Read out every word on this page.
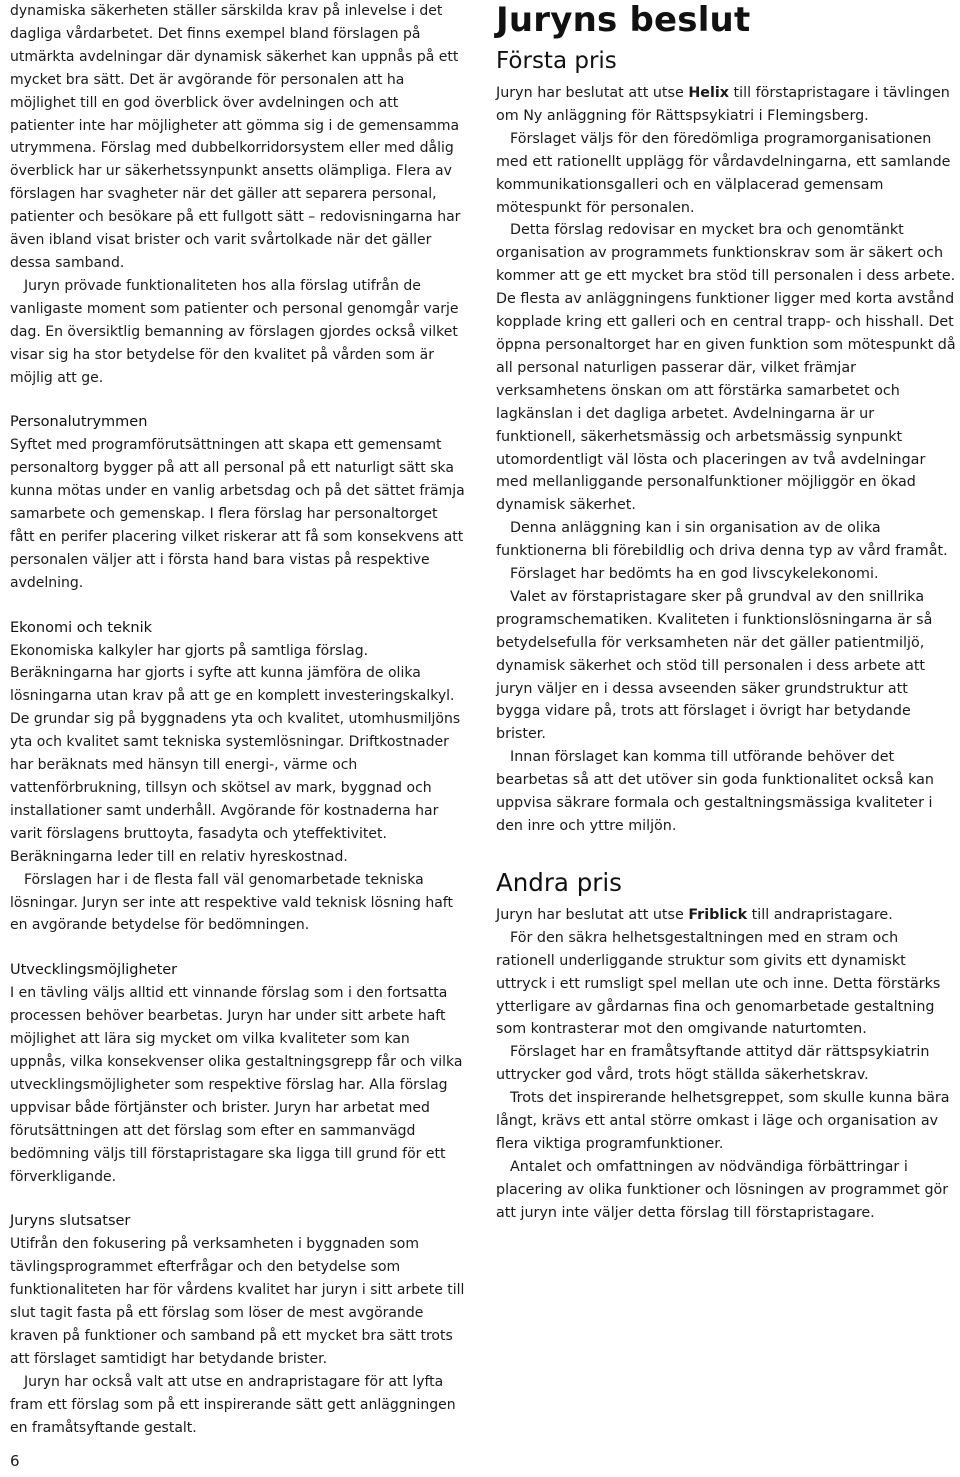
dynamiska säkerheten ställer särskilda krav på inlevelse i det dagliga vårdarbetet. Det finns exempel bland förslagen på utmärkta avdelningar där dynamisk säkerhet kan uppnås på ett mycket bra sätt. Det är avgörande för personalen att ha möjlighet till en god överblick över avdelningen och att patienter inte har möjligheter att gömma sig i de gemensamma utrymmena. Förslag med dubbelkorridorsystem eller med dålig överblick har ur säkerhetssynpunkt ansetts olämpliga. Flera av förslagen har svagheter när det gäller att separera personal, patienter och besökare på ett fullgott sätt – redovisningarna har även ibland visat brister och varit svårtolkade när det gäller dessa samband.
Juryn prövade funktionaliteten hos alla förslag utifrån de vanligaste moment som patienter och personal genomgår varje dag. En översiktlig bemanning av förslagen gjordes också vilket visar sig ha stor betydelse för den kvalitet på vården som är möjlig att ge.

Personalutrymmen

Syftet med programförutsättningen att skapa ett gemensamt personaltorg bygger på att all personal på ett naturligt sätt ska kunna mötas under en vanlig arbetsdag och på det sättet främja samarbete och gemenskap. I flera förslag har personaltorget fått en perifer placering vilket riskerar att få som konsekvens att personalen väljer att i första hand bara vistas på respektive avdelning.

Ekonomi och teknik

Ekonomiska kalkyler har gjorts på samtliga förslag. Beräkningarna har gjorts i syfte att kunna jämföra de olika lösningarna utan krav på att ge en komplett investeringskalkyl. De grundar sig på byggnadens yta och kvalitet, utomhusmiljöns yta och kvalitet samt tekniska systemlösningar. Driftkostnader har beräknats med hänsyn till energi-, värme och vattenförbrukning, tillsyn och skötsel av mark, byggnad och installationer samt underhåll. Avgörande för kostnaderna har varit förslagens bruttoyta, fasadyta och yteffektivitet. Beräkningarna leder till en relativ hyreskostnad.
Förslagen har i de flesta fall väl genomarbetade tekniska lösningar. Juryn ser inte att respektive vald teknisk lösning haft en avgörande betydelse för bedömningen.

Utvecklingsmöjligheter

I en tävling väljs alltid ett vinnande förslag som i den fortsatta processen behöver bearbetas. Juryn har under sitt arbete haft möjlighet att lära sig mycket om vilka kvaliteter som kan uppnås, vilka konsekvenser olika gestaltningsgrepp får och vilka utvecklingsmöjligheter som respektive förslag har. Alla förslag uppvisar både förtjänster och brister. Juryn har arbetat med förutsättningen att det förslag som efter en sammanvägd bedömning väljs till förstapristagare ska ligga till grund för ett förverkligande.

Juryns slutsatser

Utifrån den fokusering på verksamheten i byggnaden som tävlingsprogrammet efterfrågar och den betydelse som funktionaliteten har för vårdens kvalitet har juryn i sitt arbete till slut tagit fasta på ett förslag som löser de mest avgörande kraven på funktioner och samband på ett mycket bra sätt trots att förslaget samtidigt har betydande brister.
Juryn har också valt att utse en andrapristagare för att lyfta fram ett förslag som på ett inspirerande sätt gett anläggningen en framåtsyftande gestalt.

Juryns beslut
Första pris

Juryn har beslutat att utse Helix till förstapristagare i tävlingen om Ny anläggning för Rättspsykiatri i Flemingsberg.
Förslaget väljs för den föredömliga programorganisationen med ett rationellt upplägg för vårdavdelningarna, ett samlande kommunikationsgalleri och en välplacerad gemensam mötespunkt för personalen.
Detta förslag redovisar en mycket bra och genomtänkt organisation av programmets funktionskrav som är säkert och kommer att ge ett mycket bra stöd till personalen i dess arbete. De flesta av anläggningens funktioner ligger med korta avstånd kopplade kring ett galleri och en central trapp- och hisshall. Det öppna personaltorget har en given funktion som mötespunkt då all personal naturligen passerar där, vilket främjar verksamhetens önskan om att förstärka samarbetet och lagkänslan i det dagliga arbetet. Avdelningarna är ur funktionell, säkerhetsmässig och arbetsmässig synpunkt utomordentligt väl lösta och placeringen av två avdelningar med mellanliggande personalfunktioner möjliggör en ökad dynamisk säkerhet.
Denna anläggning kan i sin organisation av de olika funktionerna bli förebildlig och driva denna typ av vård framåt.
Förslaget har bedömts ha en god livscykelekonomi.
Valet av förstapristagare sker på grundval av den snillrika programschematiken. Kvaliteten i funktionslösningarna är så betydelsefulla för verksamheten när det gäller patientmiljö, dynamisk säkerhet och stöd till personalen i dess arbete att juryn väljer en i dessa avseenden säker grundstruktur att bygga vidare på, trots att förslaget i övrigt har betydande brister.
Innan förslaget kan komma till utförande behöver det bearbetas så att det utöver sin goda funktionalitet också kan uppvisa säkrare formala och gestaltningsmässiga kvaliteter i den inre och yttre miljön.

Andra pris

Juryn har beslutat att utse Friblick till andrapristagare.
För den säkra helhetsgestaltningen med en stram och rationell underliggande struktur som givits ett dynamiskt uttryck i ett rumsligt spel mellan ute och inne. Detta förstärks ytterligare av gårdarnas fina och genomarbetade gestaltning som kontrasterar mot den omgivande naturtomten.
Förslaget har en framåtsyftande attityd där rättspsykiatrin uttrycker god vård, trots högt ställda säkerhetskrav.
Trots det inspirerande helhetsgreppet, som skulle kunna bära långt, krävs ett antal större omkast i läge och organisation av flera viktiga programfunktioner.
Antalet och omfattningen av nödvändiga förbättringar i placering av olika funktioner och lösningen av programmet gör att juryn inte väljer detta förslag till förstapristagare.

6
